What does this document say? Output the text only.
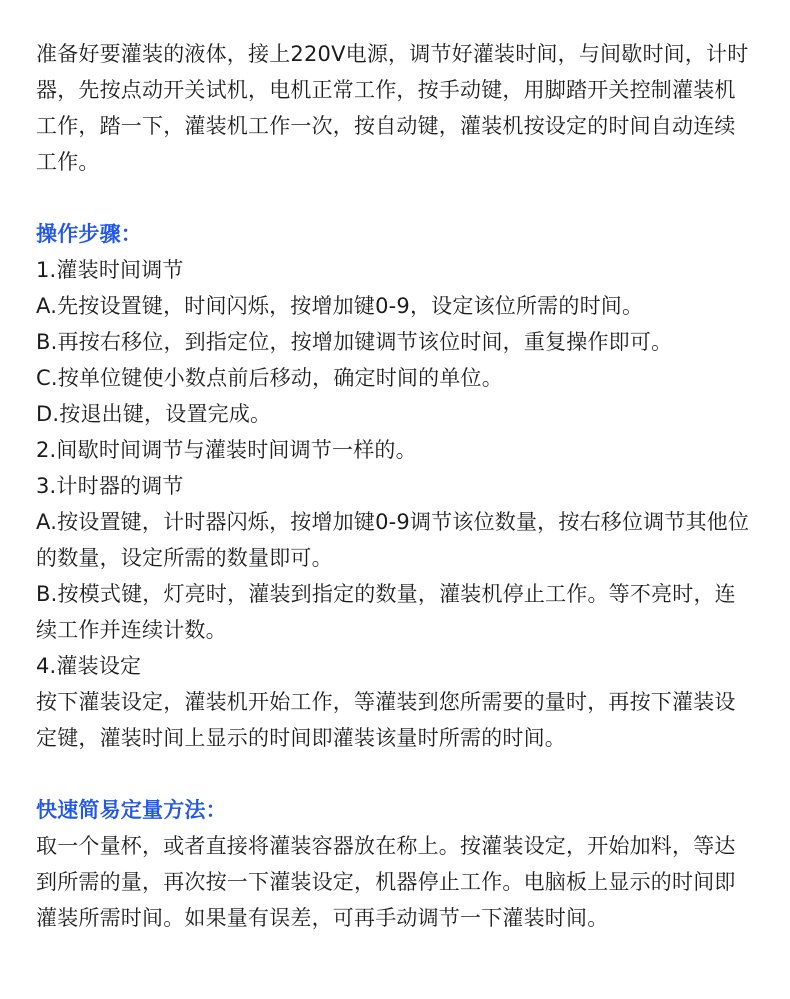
准备好要灌装的液体，接上220V电源，调节好灌装时间，与间歇时间，计时器，先按点动开关试机，电机正常工作，按手动键，用脚踏开关控制灌装机工作，踏一下，灌装机工作一次，按自动键，灌装机按设定的时间自动连续工作。

操作步骤：

1.灌装时间调节

A.先按设置键，时间闪烁，按增加键0-9，设定该位所需的时间。

B.再按右移位，到指定位，按增加键调节该位时间，重复操作即可。

C.按单位键使小数点前后移动，确定时间的单位。

D.按退出键，设置完成。

2.间歇时间调节与灌装时间调节一样的。

3.计时器的调节

A.按设置键，计时器闪烁，按增加键0-9调节该位数量，按右移位调节其他位的数量，设定所需的数量即可。

B.按模式键，灯亮时，灌装到指定的数量，灌装机停止工作。等不亮时，连续工作并连续计数。

4.灌装设定

按下灌装设定，灌装机开始工作，等灌装到您所需要的量时，再按下灌装设定键，灌装时间上显示的时间即灌装该量时所需的时间。

快速简易定量方法：

取一个量杯，或者直接将灌装容器放在称上。按灌装设定，开始加料，等达到所需的量，再次按一下灌装设定，机器停止工作。电脑板上显示的时间即灌装所需时间。如果量有误差，可再手动调节一下灌装时间。
